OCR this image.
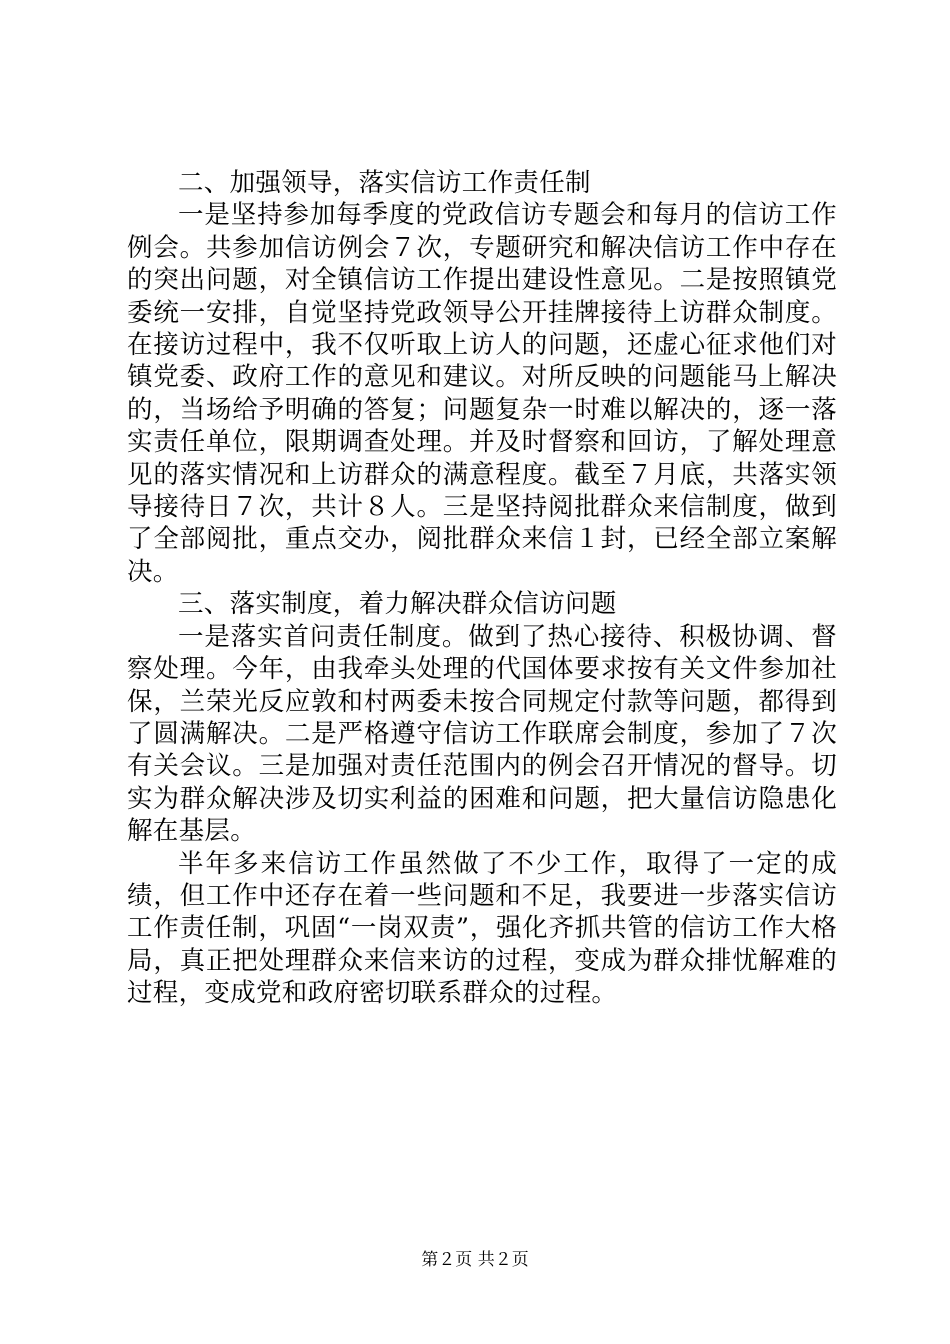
二、加强领导，落实信访工作责任制

一是坚持参加每季度的党政信访专题会和每月的信访工作例会。共参加信访例会７次，专题研究和解决信访工作中存在的突出问题，对全镇信访工作提出建设性意见。二是按照镇党委统一安排，自觉坚持党政领导公开挂牌接待上访群众制度。在接访过程中，我不仅听取上访人的问题，还虚心征求他们对镇党委、政府工作的意见和建议。对所反映的问题能马上解决的，当场给予明确的答复；问题复杂一时难以解决的，逐一落实责任单位，限期调查处理。并及时督察和回访，了解处理意见的落实情况和上访群众的满意程度。截至７月底，共落实领导接待日７次，共计８人。三是坚持阅批群众来信制度，做到了全部阅批，重点交办，阅批群众来信１封，已经全部立案解决。

三、落实制度，着力解决群众信访问题

一是落实首问责任制度。做到了热心接待、积极协调、督察处理。今年，由我牵头处理的代国体要求按有关文件参加社保，兰荣光反应敦和村两委未按合同规定付款等问题，都得到了圆满解决。二是严格遵守信访工作联席会制度，参加了７次有关会议。三是加强对责任范围内的例会召开情况的督导。切实为群众解决涉及切实利益的困难和问题，把大量信访隐患化解在基层。

半年多来信访工作虽然做了不少工作，取得了一定的成绩，但工作中还存在着一些问题和不足，我要进一步落实信访工作责任制，巩固“一岗双责”，强化齐抓共管的信访工作大格局，真正把处理群众来信来访的过程，变成为群众排忧解难的过程，变成党和政府密切联系群众的过程。

第２页 共２页
